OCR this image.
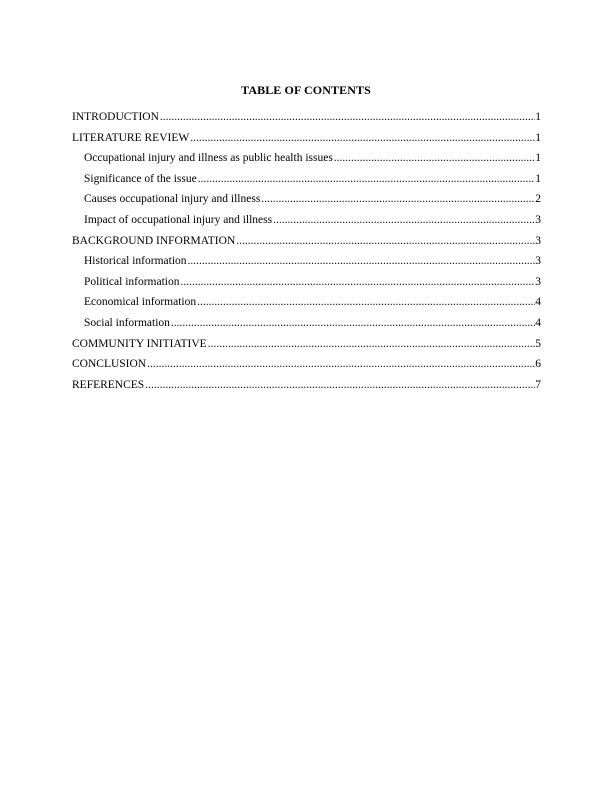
TABLE OF CONTENTS
INTRODUCTION .....	1
LITERATURE REVIEW .....	1
Occupational injury and illness as public health issues .....	1
Significance of the issue .....	1
Causes occupational injury and illness .....	2
Impact of occupational injury and illness .....	3
BACKGROUND INFORMATION .....	3
Historical information .....	3
Political information .....	3
Economical information .....	4
Social information .....	4
COMMUNITY INITIATIVE .....	5
CONCLUSION .....	6
REFERENCES .....	7
